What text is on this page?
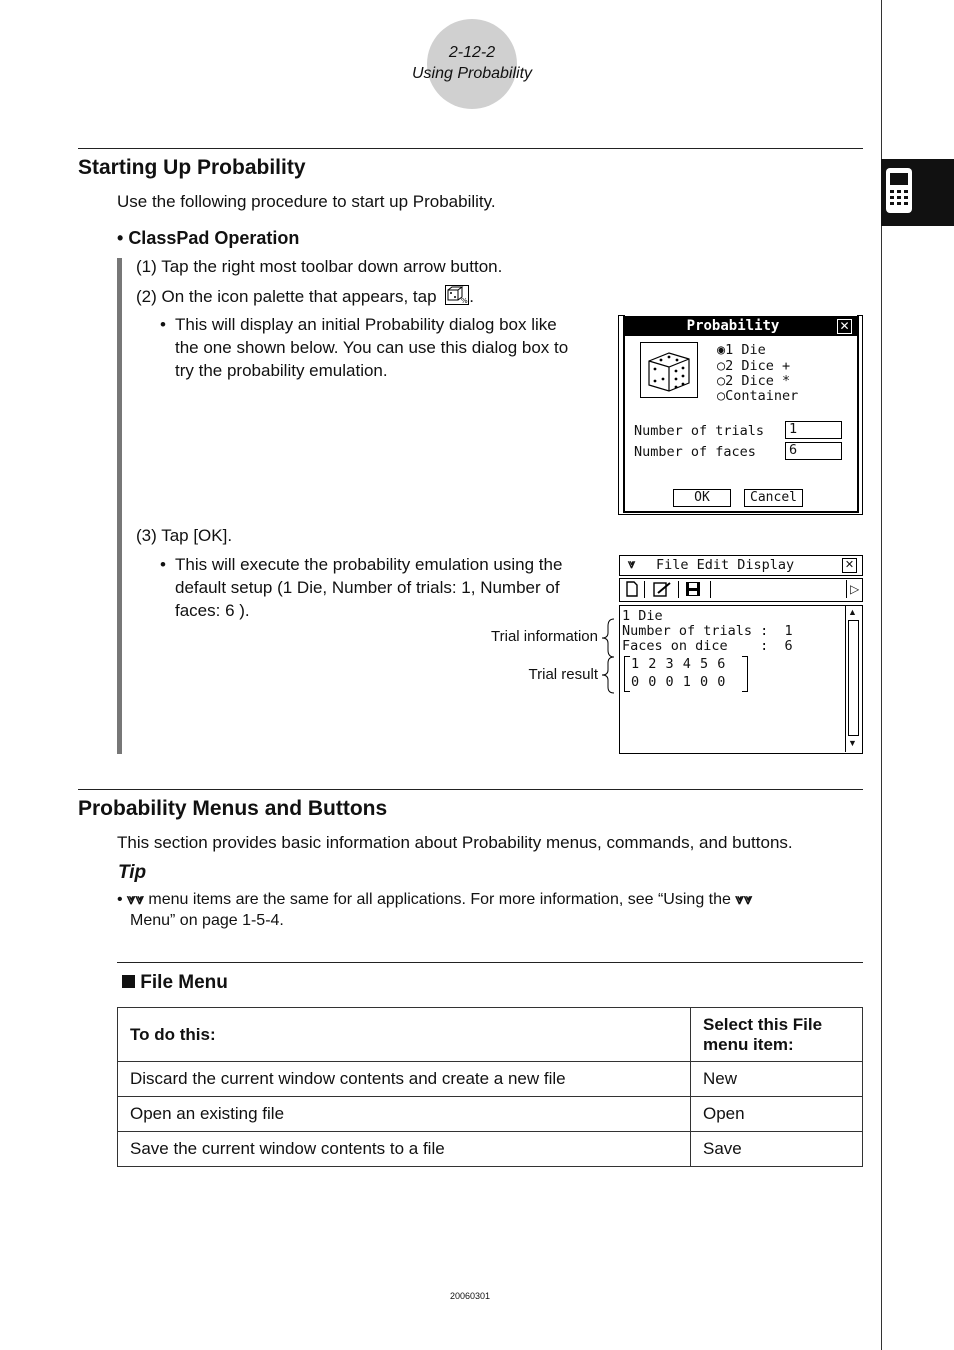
2-12-2
Using Probability
Starting Up Probability
Use the following procedure to start up Probability.
• ClassPad Operation
(1) Tap the right most toolbar down arrow button.
(2) On the icon palette that appears, tap	% .
• This will display an initial Probability dialog box like
the one shown below. You can use this dialog box to
try the probability emulation.
Probability	✕
◉1 Die
○2 Dice +
○2 Dice *
○Container
Number of trials 1
Number of faces 6
OK	Cancel
(3) Tap [OK].
• This will execute the probability emulation using the
default setup (1 Die, Number of trials: 1, Number of
faces: 6 ).
⩔ File Edit Display	✕
▷
1 Die
Number of trials :  1
Faces on dice    :  6
1 2 3 4 5 6
0 0 0 1 0 0
▲
▼
Trial information
Trial result
Probability Menus and Buttons
This section provides basic information about Probability menus, commands, and buttons.
Tip
• ⩔⩔ menu items are the same for all applications. For more information, see “Using the ⩔⩔
Menu” on page 1-5-4.
File Menu
To do this:	Select this File menu item:
Discard the current window contents and create a new file	New
Open an existing file	Open
Save the current window contents to a file	Save
20060301
